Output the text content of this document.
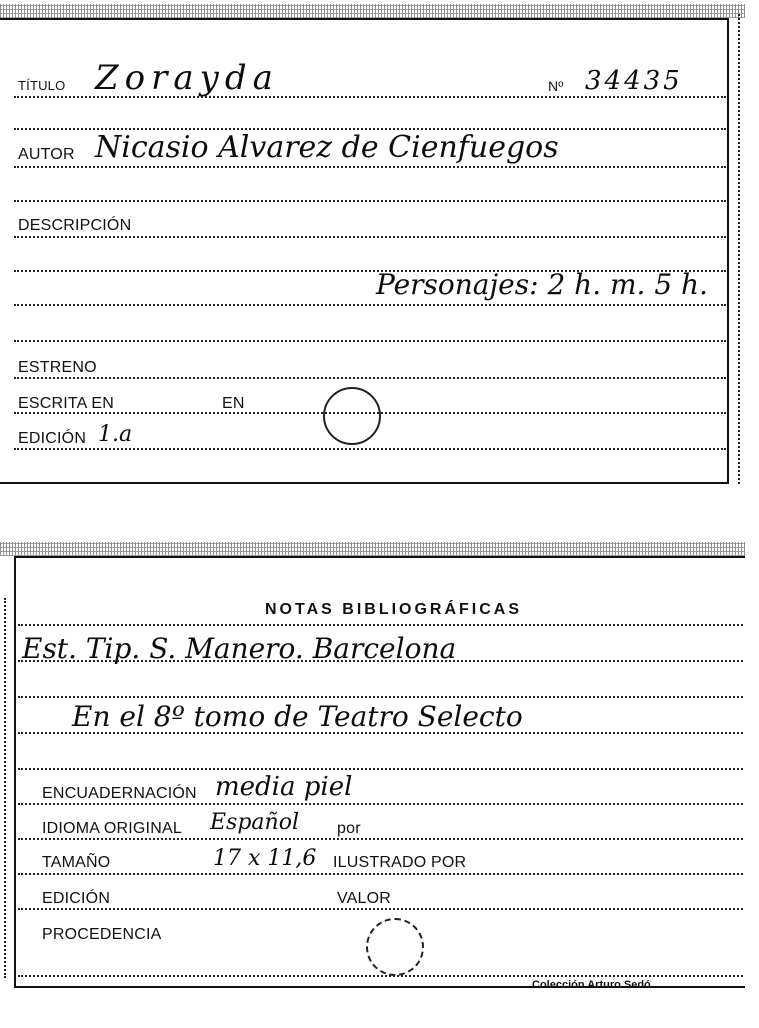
TÍTULO Zorayda	Nº 34435
AUTOR Nicasio Alvarez de Cienfuegos
DESCRIPCIÓN
Personajes: 2 h. m. 5 h.
ESTRENO
ESCRITA EN	EN
EDICIÓN 1.a
NOTAS BIBLIOGRÁFICAS
Est. Tip. S. Manero. Barcelona
En el 8º tomo de Teatro Selecto
ENCUADERNACIÓN media piel
IDIOMA ORIGINAL Español por
TAMAÑO	17 x 11,6 ILUSTRADO POR
EDICIÓN	VALOR
PROCEDENCIA
Colección Arturo Sedó
